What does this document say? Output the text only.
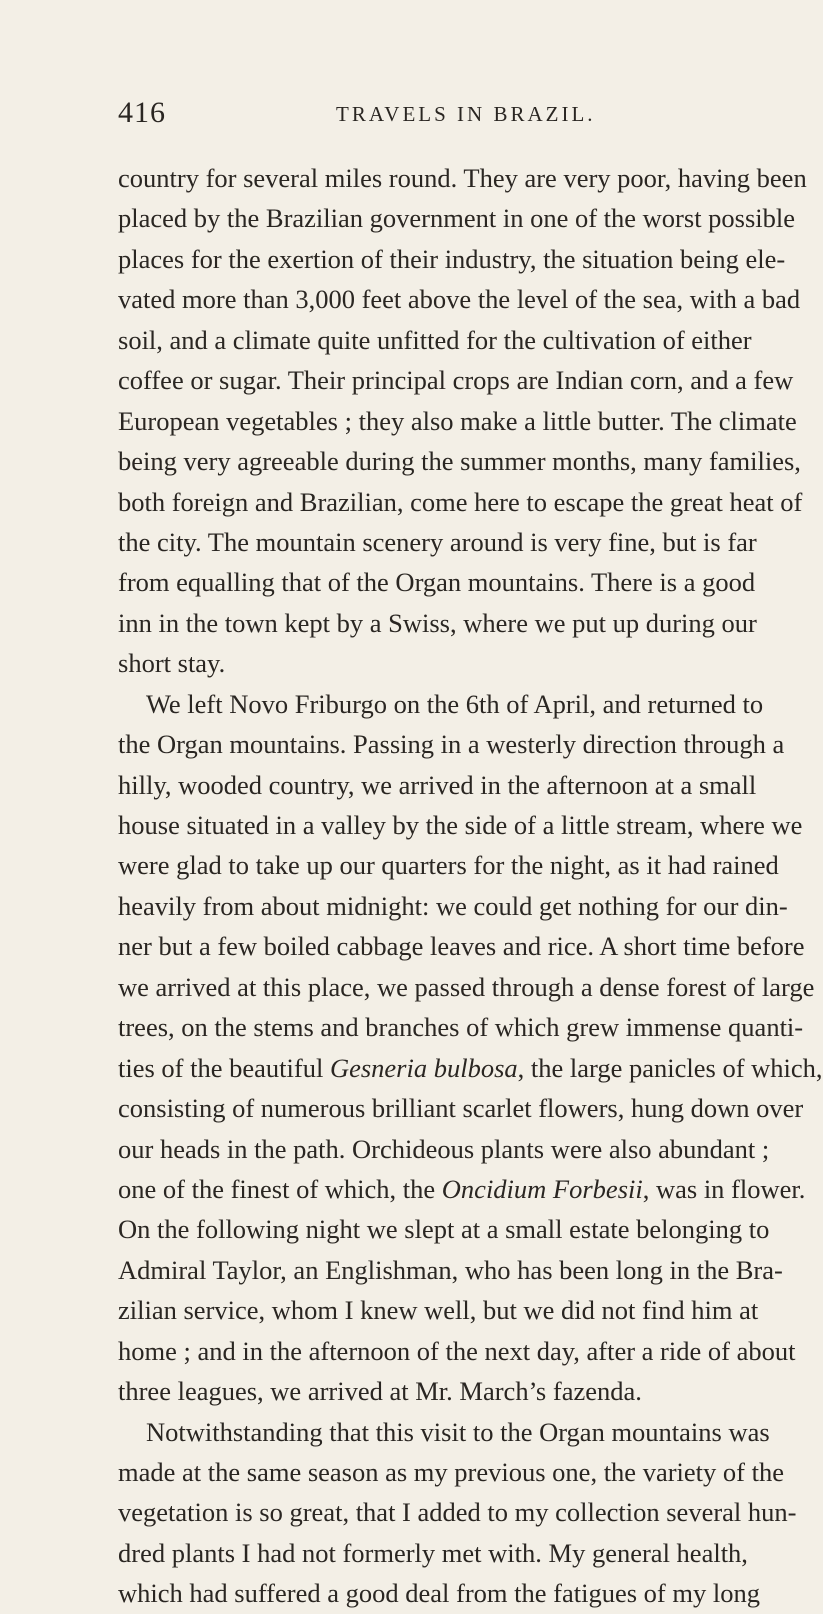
416	TRAVELS IN BRAZIL.
country for several miles round. They are very poor, having been
placed by the Brazilian government in one of the worst possible
places for the exertion of their industry, the situation being ele-
vated more than 3,000 feet above the level of the sea, with a bad
soil, and a climate quite unfitted for the cultivation of either
coffee or sugar. Their principal crops are Indian corn, and a few
European vegetables ; they also make a little butter. The climate
being very agreeable during the summer months, many families,
both foreign and Brazilian, come here to escape the great heat of
the city. The mountain scenery around is very fine, but is far
from equalling that of the Organ mountains. There is a good
inn in the town kept by a Swiss, where we put up during our
short stay.
We left Novo Friburgo on the 6th of April, and returned to
the Organ mountains. Passing in a westerly direction through a
hilly, wooded country, we arrived in the afternoon at a small
house situated in a valley by the side of a little stream, where we
were glad to take up our quarters for the night, as it had rained
heavily from about midnight: we could get nothing for our din-
ner but a few boiled cabbage leaves and rice. A short time before
we arrived at this place, we passed through a dense forest of large
trees, on the stems and branches of which grew immense quanti-
ties of the beautiful Gesneria bulbosa, the large panicles of which,
consisting of numerous brilliant scarlet flowers, hung down over
our heads in the path. Orchideous plants were also abundant ;
one of the finest of which, the Oncidium Forbesii, was in flower.
On the following night we slept at a small estate belonging to
Admiral Taylor, an Englishman, who has been long in the Bra-
zilian service, whom I knew well, but we did not find him at
home ; and in the afternoon of the next day, after a ride of about
three leagues, we arrived at Mr. March’s fazenda.
Notwithstanding that this visit to the Organ mountains was
made at the same season as my previous one, the variety of the
vegetation is so great, that I added to my collection several hun-
dred plants I had not formerly met with. My general health,
which had suffered a good deal from the fatigues of my long
